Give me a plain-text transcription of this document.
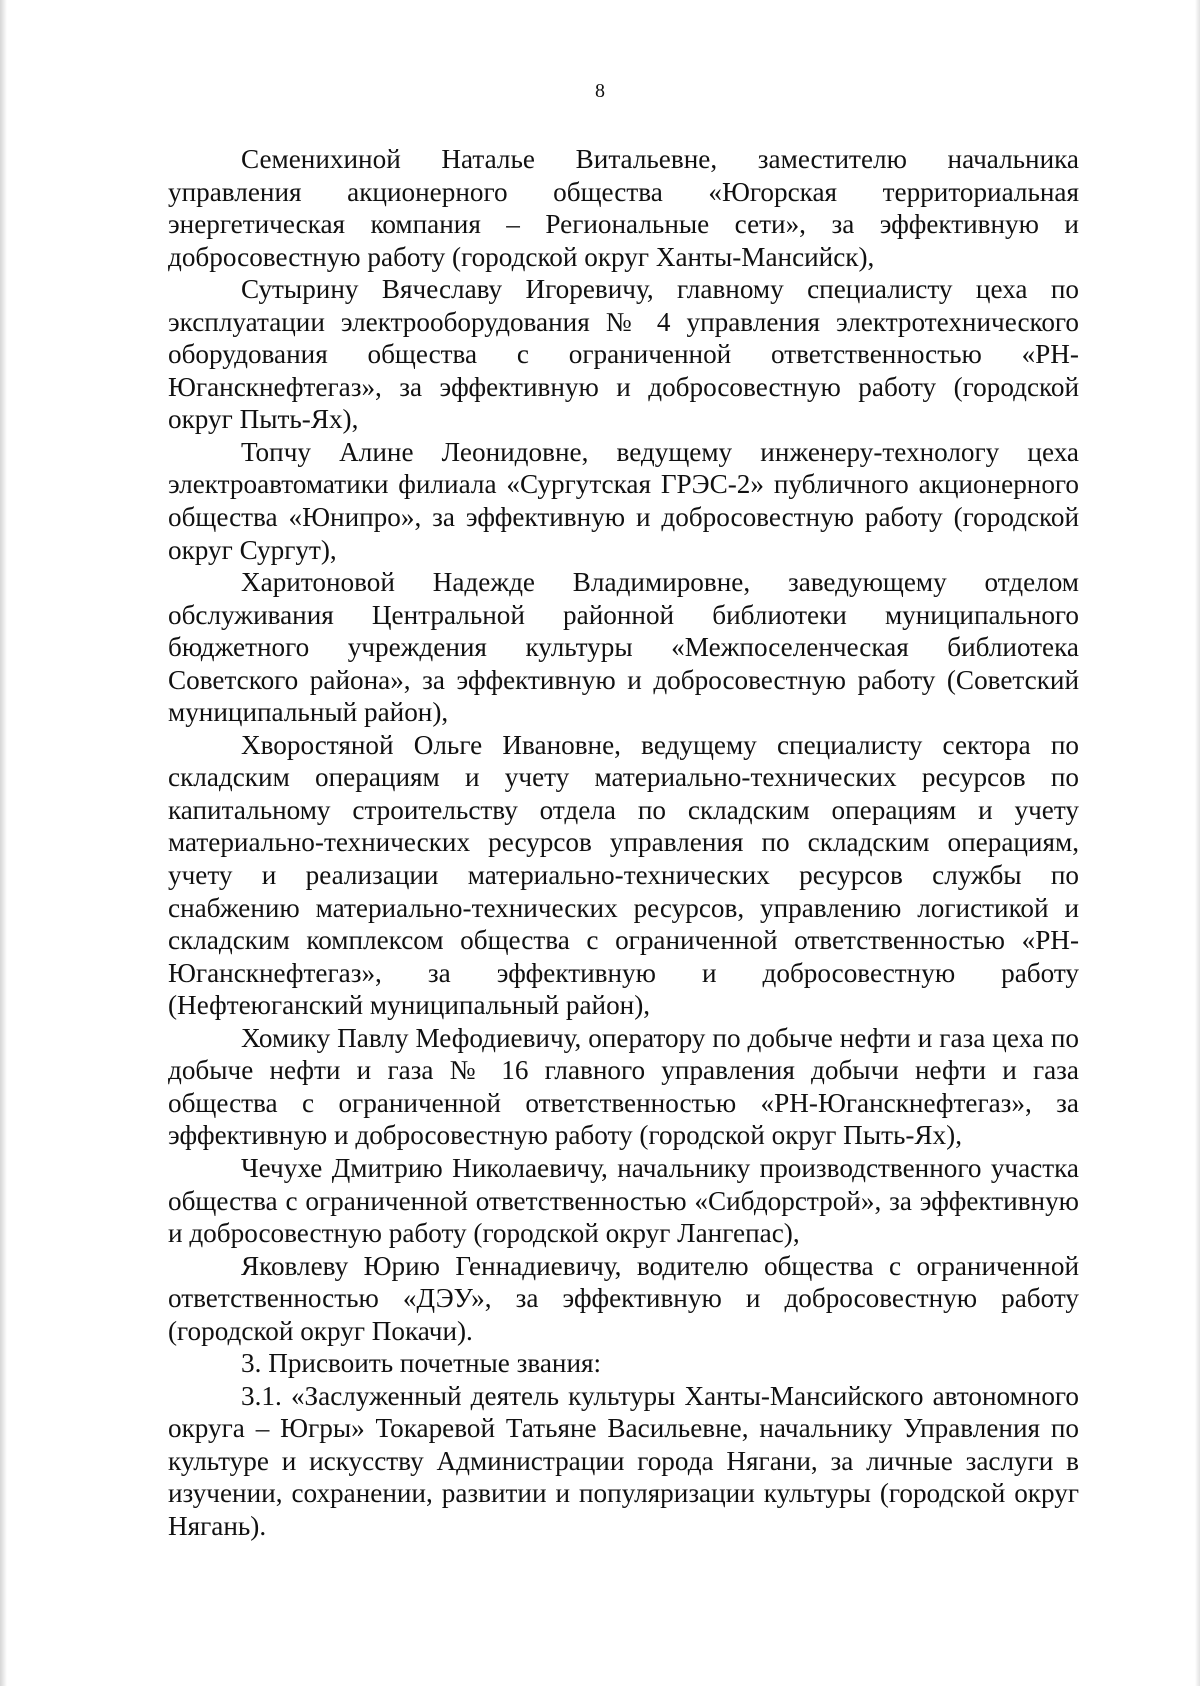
8

Семенихиной Наталье Витальевне, заместителю начальника управления акционерного общества «Югорская территориальная энергетическая компания – Региональные сети», за эффективную и добросовестную работу (городской округ Ханты-Мансийск),

Сутырину Вячеславу Игоревичу, главному специалисту цеха по эксплуатации электрооборудования № 4 управления электротехнического оборудования общества с ограниченной ответственностью «РН-Юганскнефтегаз», за эффективную и добросовестную работу (городской округ Пыть-Ях),

Топчу Алине Леонидовне, ведущему инженеру-технологу цеха электроавтоматики филиала «Сургутская ГРЭС-2» публичного акционерного общества «Юнипро», за эффективную и добросовестную работу (городской округ Сургут),

Харитоновой Надежде Владимировне, заведующему отделом обслуживания Центральной районной библиотеки муниципального бюджетного учреждения культуры «Межпоселенческая библиотека Советского района», за эффективную и добросовестную работу (Советский муниципальный район),

Хворостяной Ольге Ивановне, ведущему специалисту сектора по складским операциям и учету материально-технических ресурсов по капитальному строительству отдела по складским операциям и учету материально-технических ресурсов управления по складским операциям, учету и реализации материально-технических ресурсов службы по снабжению материально-технических ресурсов, управлению логистикой и складским комплексом общества с ограниченной ответственностью «РН-Юганскнефтегаз», за эффективную и добросовестную работу (Нефтеюганский муниципальный район),

Хомику Павлу Мефодиевичу, оператору по добыче нефти и газа цеха по добыче нефти и газа № 16 главного управления добычи нефти и газа общества с ограниченной ответственностью «РН-Юганскнефтегаз», за эффективную и добросовестную работу (городской округ Пыть-Ях),

Чечухе Дмитрию Николаевичу, начальнику производственного участка общества с ограниченной ответственностью «Сибдорстрой», за эффективную и добросовестную работу (городской округ Лангепас),

Яковлеву Юрию Геннадиевичу, водителю общества с ограниченной ответственностью «ДЭУ», за эффективную и добросовестную работу (городской округ Покачи).

3. Присвоить почетные звания:

3.1. «Заслуженный деятель культуры Ханты-Мансийского автономного округа – Югры» Токаревой Татьяне Васильевне, начальнику Управления по культуре и искусству Администрации города Нягани, за личные заслуги в изучении, сохранении, развитии и популяризации культуры (городской округ Нягань).
